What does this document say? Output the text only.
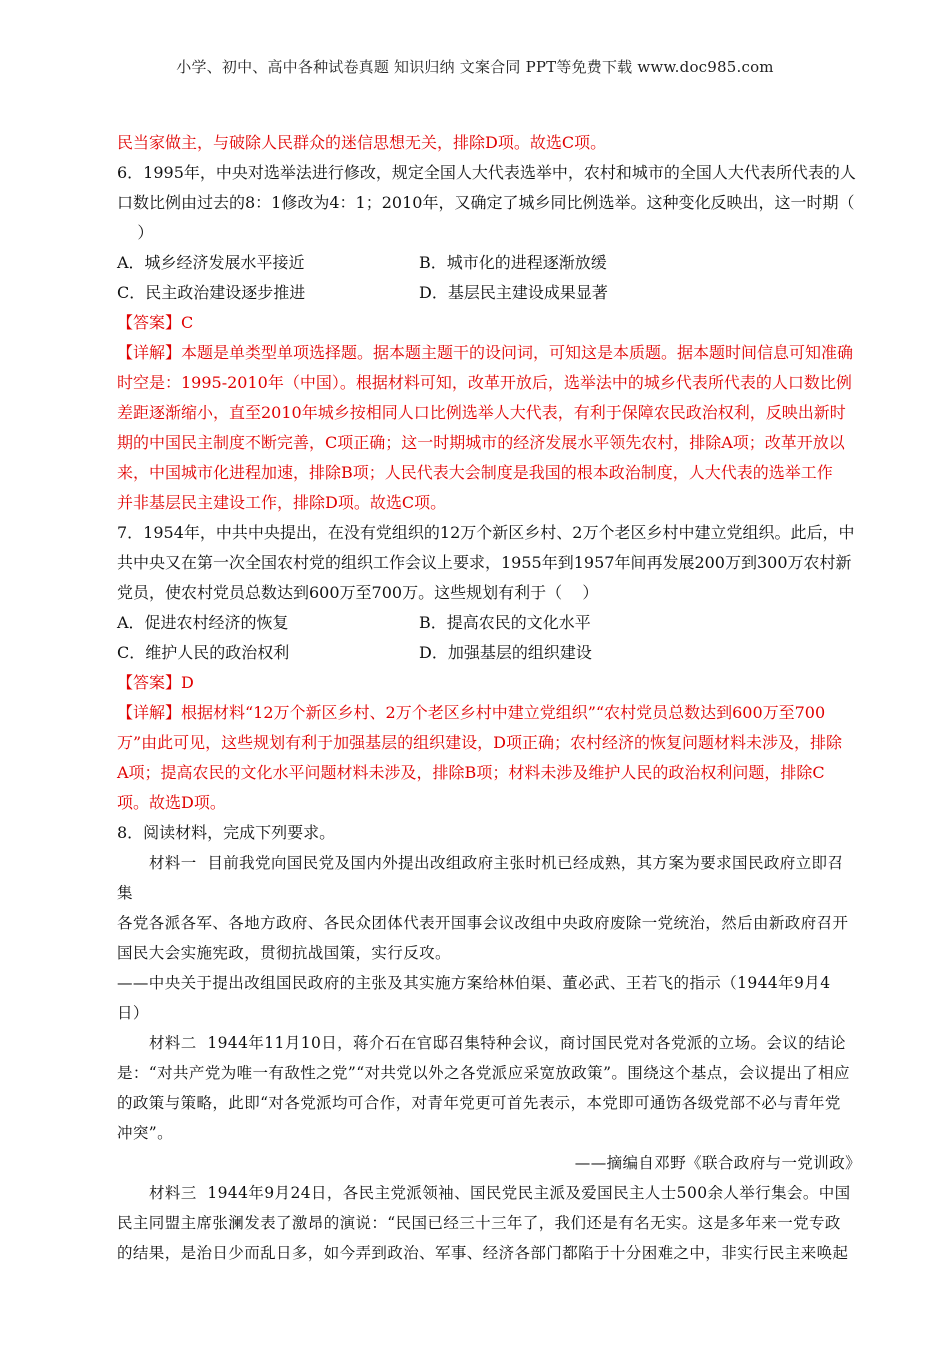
小学、初中、高中各种试卷真题 知识归纳 文案合同 PPT等免费下载 www.doc985.com
民当家做主，与破除人民群众的迷信思想无关，排除D项。故选C项。
6．1995年，中央对选举法进行修改，规定全国人大代表选举中，农村和城市的全国人大代表所代表的人
口数比例由过去的8：1修改为4：1；2010年，又确定了城乡同比例选举。这种变化反映出，这一时期（
）
A．城乡经济发展水平接近	B．城市化的进程逐渐放缓
C．民主政治建设逐步推进	D．基层民主建设成果显著
【答案】C
【详解】本题是单类型单项选择题。据本题主题干的设问词，可知这是本质题。据本题时间信息可知准确
时空是：1995-2010年（中国）。根据材料可知，改革开放后，选举法中的城乡代表所代表的人口数比例
差距逐渐缩小，直至2010年城乡按相同人口比例选举人大代表，有利于保障农民政治权利，反映出新时
期的中国民主制度不断完善，C项正确；这一时期城市的经济发展水平领先农村，排除A项；改革开放以
来，中国城市化进程加速，排除B项；人民代表大会制度是我国的根本政治制度，人大代表的选举工作
并非基层民主建设工作，排除D项。故选C项。
7．1954年，中共中央提出，在没有党组织的12万个新区乡村、2万个老区乡村中建立党组织。此后，中
共中央又在第一次全国农村党的组织工作会议上要求，1955年到1957年间再发展200万到300万农村新
党员，使农村党员总数达到600万至700万。这些规划有利于（    ）
A．促进农村经济的恢复	B．提高农民的文化水平
C．维护人民的政治权利	D．加强基层的组织建设
【答案】D
【详解】根据材料“12万个新区乡村、2万个老区乡村中建立党组织”“农村党员总数达到600万至700
万”由此可见，这些规划有利于加强基层的组织建设，D项正确；农村经济的恢复问题材料未涉及，排除
A项；提高农民的文化水平问题材料未涉及，排除B项；材料未涉及维护人民的政治权利问题，排除C
项。故选D项。
8．阅读材料，完成下列要求。
材料一  目前我党向国民党及国内外提出改组政府主张时机已经成熟，其方案为要求国民政府立即召
集
各党各派各军、各地方政府、各民众团体代表开国事会议改组中央政府废除一党统治，然后由新政府召开
国民大会实施宪政，贯彻抗战国策，实行反攻。
——中央关于提出改组国民政府的主张及其实施方案给林伯渠、董必武、王若飞的指示（1944年9月4
日）
材料二  1944年11月10日，蒋介石在官邸召集特种会议，商讨国民党对各党派的立场。会议的结论
是：“对共产党为唯一有敌性之党”“对共党以外之各党派应采宽放政策”。围绕这个基点，会议提出了相应
的政策与策略，此即“对各党派均可合作，对青年党更可首先表示，本党即可通饬各级党部不必与青年党
冲突”。
——摘编自邓野《联合政府与一党训政》
材料三  1944年9月24日，各民主党派领袖、国民党民主派及爱国民主人士500余人举行集会。中国
民主同盟主席张澜发表了激昂的演说：“民国已经三十三年了，我们还是有名无实。这是多年来一党专政
的结果，是治日少而乱日多，如今弄到政治、军事、经济各部门都陷于十分困难之中，非实行民主来唤起
